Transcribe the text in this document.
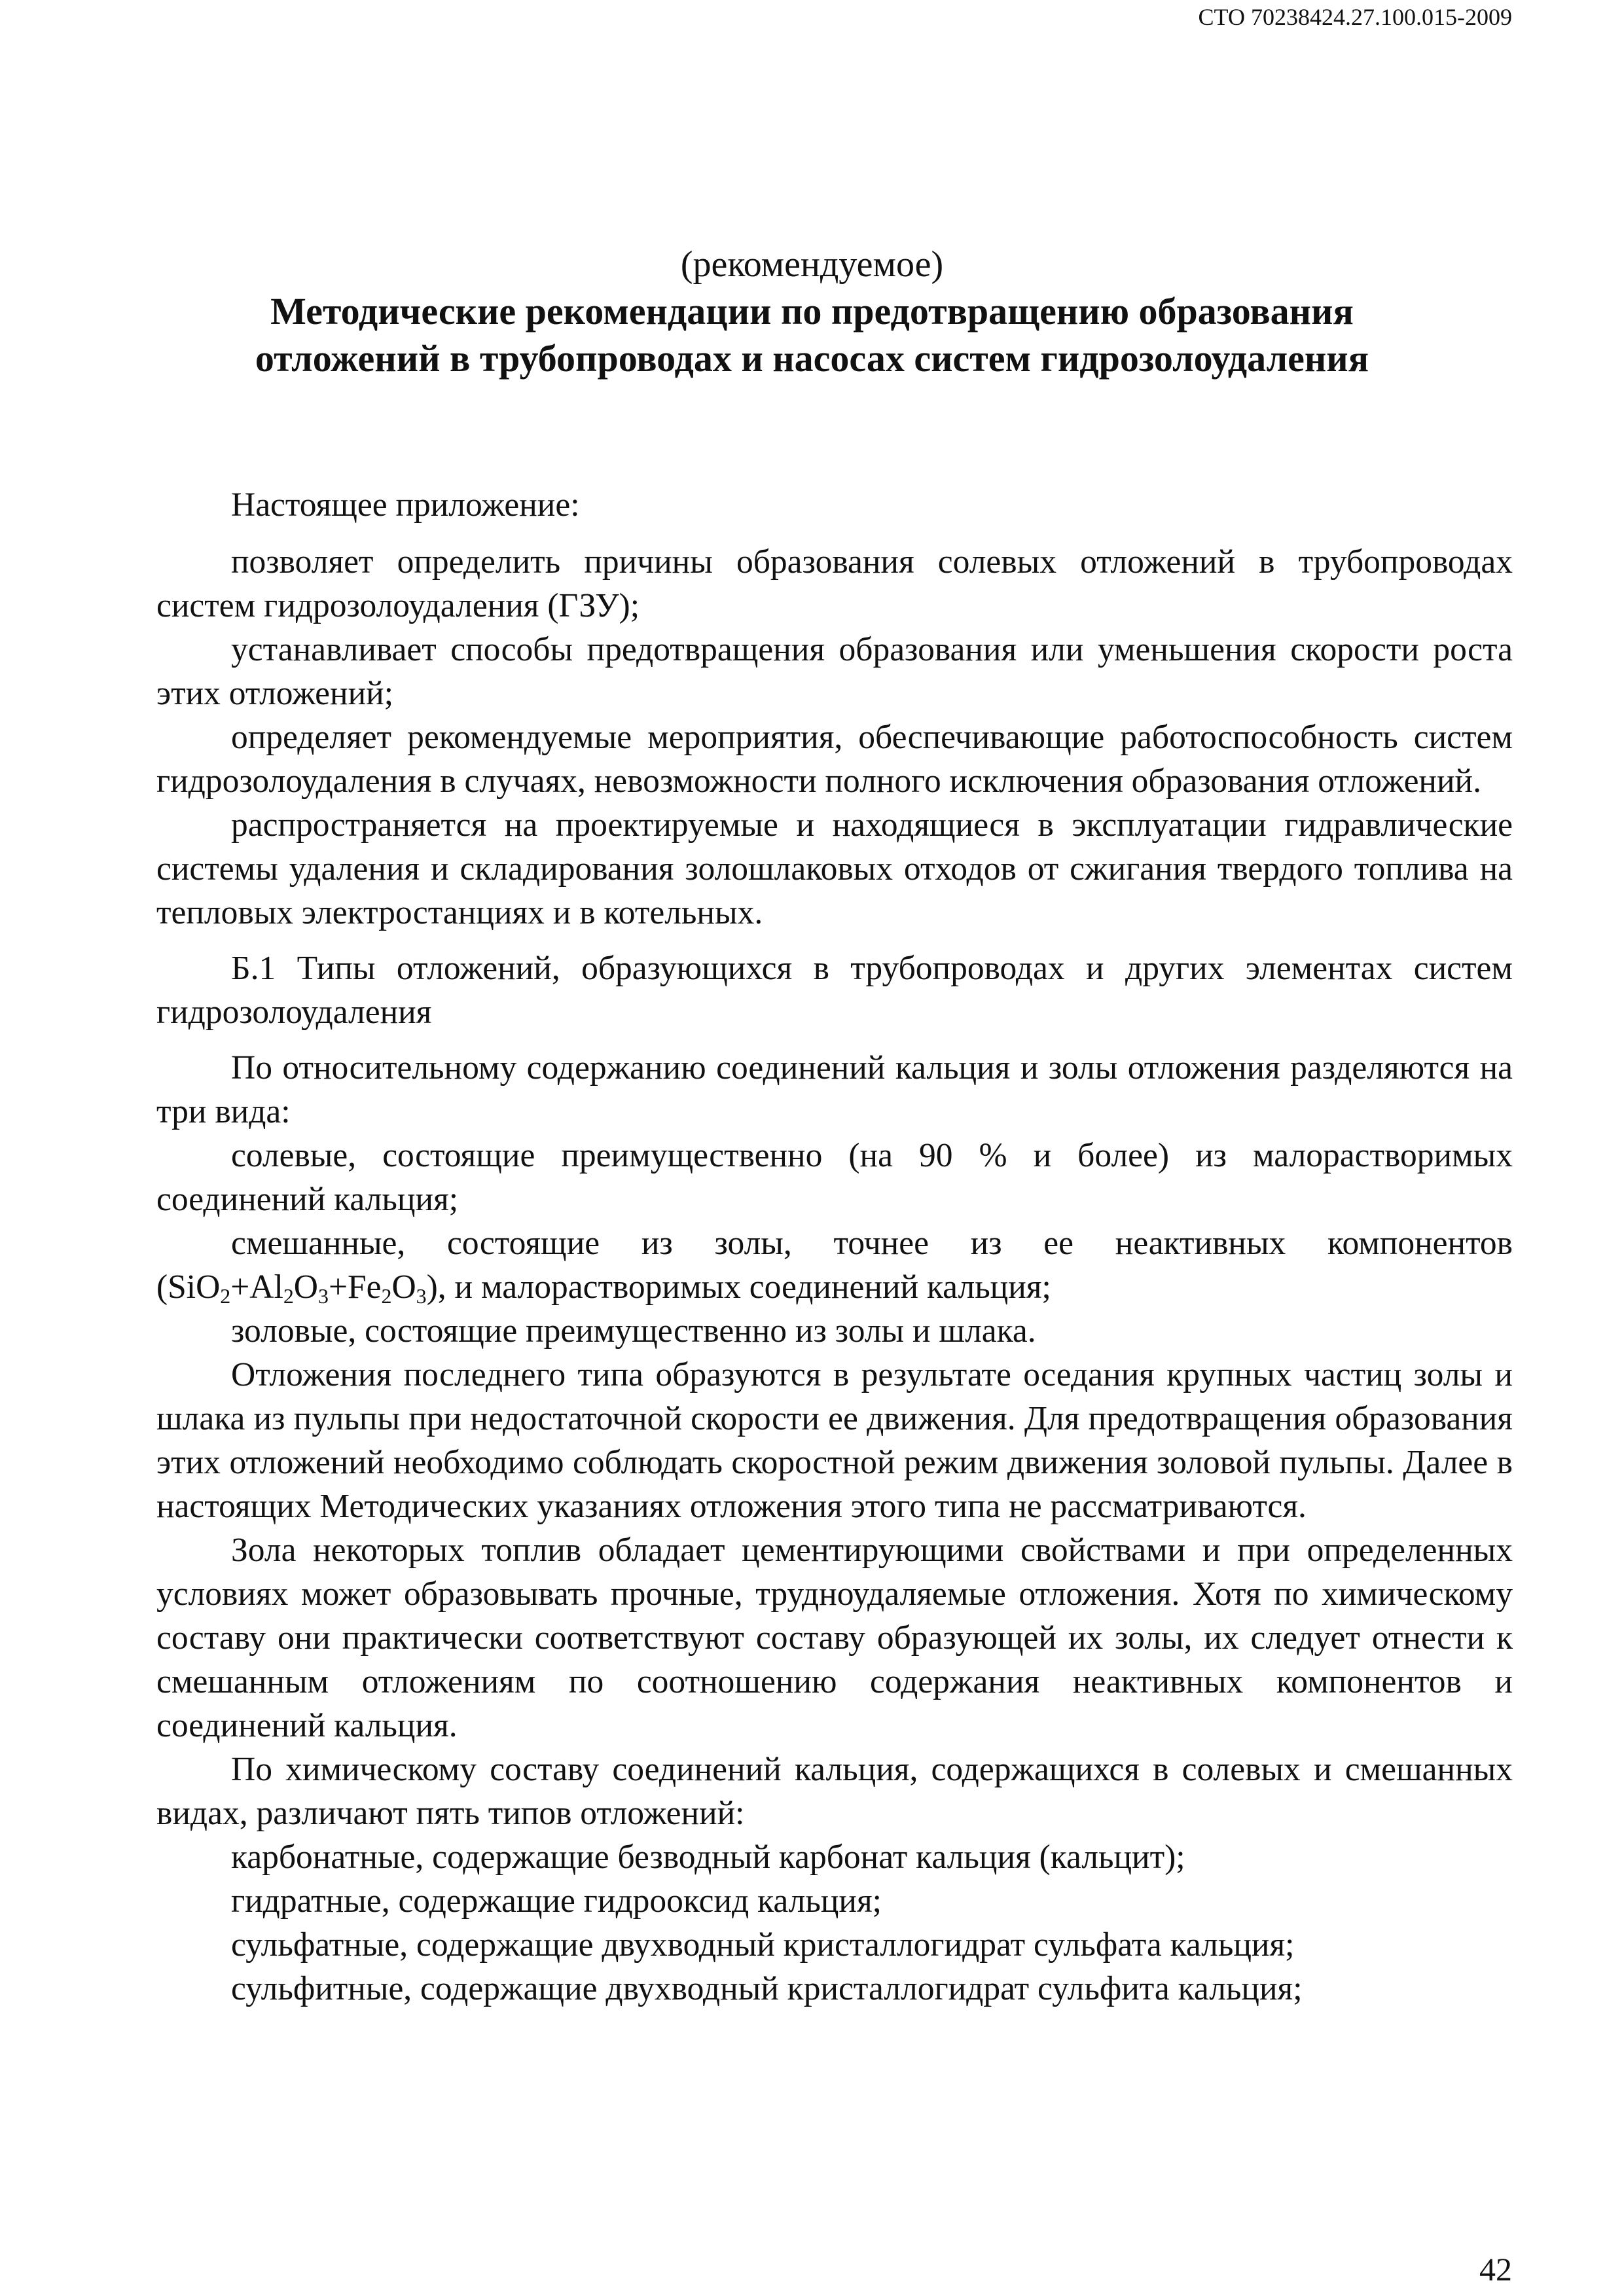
СТО 70238424.27.100.015-2009

(рекомендуемое)

Методические рекомендации по предотвращению образования

отложений в трубопроводах и насосах систем гидрозолоудаления

Настоящее приложение:

позволяет определить причины образования солевых отложений в трубопроводах систем гидрозолоудаления (ГЗУ);

устанавливает способы предотвращения образования или уменьшения скорости роста этих отложений;

определяет рекомендуемые мероприятия, обеспечивающие работоспособность систем гидрозолоудаления в случаях, невозможности полного исключения образования отложений.

распространяется на проектируемые и находящиеся в эксплуатации гидравлические системы удаления и складирования золошлаковых отходов от сжигания твердого топлива на тепловых электростанциях и в котельных.

Б.1 Типы отложений, образующихся в трубопроводах и других элементах систем гидрозолоудаления

По относительному содержанию соединений кальция и золы отложения разделяются на три вида:

солевые, состоящие преимущественно (на 90 % и более) из малорастворимых соединений кальция;

смешанные, состоящие из золы, точнее из ее неактивных компонентов $(SiO_2+Al_2O_3+Fe_2O_3)$, и малорастворимых соединений кальция;

золовые, состоящие преимущественно из золы и шлака.

Отложения последнего типа образуются в результате оседания крупных частиц золы и шлака из пульпы при недостаточной скорости ее движения. Для предотвращения образования этих отложений необходимо соблюдать скоростной режим движения золовой пульпы. Далее в настоящих Методических указаниях отложения этого типа не рассматриваются.

Зола некоторых топлив обладает цементирующими свойствами и при определенных условиях может образовывать прочные, трудноудаляемые отложения. Хотя по химическому составу они практически соответствуют составу образующей их золы, их следует отнести к смешанным отложениям по соотношению содержания неактивных компонентов и соединений кальция.

По химическому составу соединений кальция, содержащихся в солевых и смешанных видах, различают пять типов отложений:

карбонатные, содержащие безводный карбонат кальция (кальцит);

гидратные, содержащие гидрооксид кальция;

сульфатные, содержащие двухводный кристаллогидрат сульфата кальция;

сульфитные, содержащие двухводный кристаллогидрат сульфита кальция;

42
